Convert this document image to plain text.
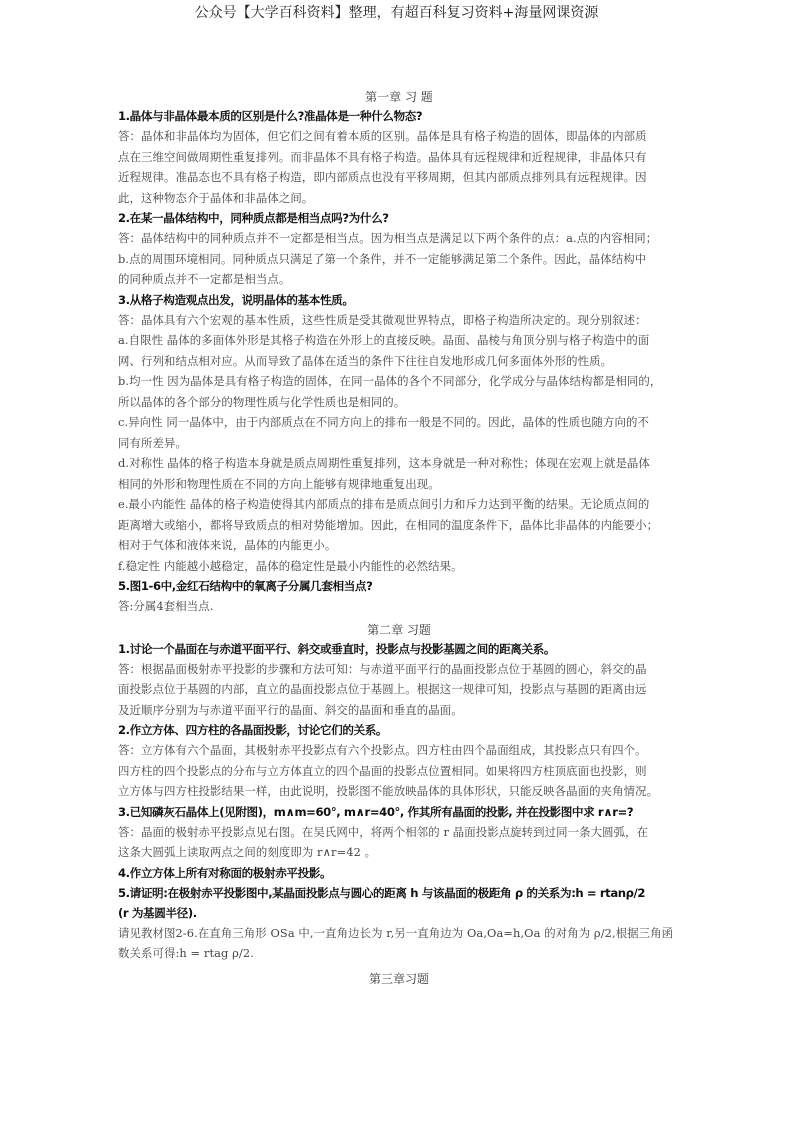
公众号【大学百科资料】整理，有超百科复习资料+海量网课资源

第一章 习 题

1.晶体与非晶体最本质的区别是什么?准晶体是一种什么物态?

答：晶体和非晶体均为固体，但它们之间有着本质的区别。晶体是具有格子构造的固体，即晶体的内部质
点在三维空间做周期性重复排列。而非晶体不具有格子构造。晶体具有远程规律和近程规律，非晶体只有
近程规律。准晶态也不具有格子构造，即内部质点也没有平移周期，但其内部质点排列具有远程规律。因
此，这种物态介于晶体和非晶体之间。

2.在某一晶体结构中，同种质点都是相当点吗?为什么?

答：晶体结构中的同种质点并不一定都是相当点。因为相当点是满足以下两个条件的点：a.点的内容相同；
b.点的周围环境相同。同种质点只满足了第一个条件，并不一定能够满足第二个条件。因此，晶体结构中
的同种质点并不一定都是相当点。

3.从格子构造观点出发，说明晶体的基本性质。

答：晶体具有六个宏观的基本性质，这些性质是受其微观世界特点，即格子构造所决定的。现分别叙述：
a.自限性 晶体的多面体外形是其格子构造在外形上的直接反映。晶面、晶棱与角顶分别与格子构造中的面
网、行列和结点相对应。从而导致了晶体在适当的条件下往往自发地形成几何多面体外形的性质。
b.均一性 因为晶体是具有格子构造的固体，在同一晶体的各个不同部分，化学成分与晶体结构都是相同的，
所以晶体的各个部分的物理性质与化学性质也是相同的。
c.异向性 同一晶体中，由于内部质点在不同方向上的排布一般是不同的。因此，晶体的性质也随方向的不
同有所差异。
d.对称性 晶体的格子构造本身就是质点周期性重复排列，这本身就是一种对称性；体现在宏观上就是晶体
相同的外形和物理性质在不同的方向上能够有规律地重复出现。
e.最小内能性 晶体的格子构造使得其内部质点的排布是质点间引力和斥力达到平衡的结果。无论质点间的
距离增大或缩小，都将导致质点的相对势能增加。因此，在相同的温度条件下，晶体比非晶体的内能要小；
相对于气体和液体来说，晶体的内能更小。
f.稳定性 内能越小越稳定，晶体的稳定性是最小内能性的必然结果。

5.图1-6中,金红石结构中的氧离子分属几套相当点?

答:分属4套相当点.

第二章 习题

1.讨论一个晶面在与赤道平面平行、斜交或垂直时，投影点与投影基圆之间的距离关系。

答：根据晶面极射赤平投影的步骤和方法可知：与赤道平面平行的晶面投影点位于基圆的圆心，斜交的晶
面投影点位于基圆的内部，直立的晶面投影点位于基圆上。根据这一规律可知，投影点与基圆的距离由远
及近顺序分别为与赤道平面平行的晶面、斜交的晶面和垂直的晶面。

2.作立方体、四方柱的各晶面投影，讨论它们的关系。

答：立方体有六个晶面，其极射赤平投影点有六个投影点。四方柱由四个晶面组成，其投影点只有四个。
四方柱的四个投影点的分布与立方体直立的四个晶面的投影点位置相同。如果将四方柱顶底面也投影，则
立方体与四方柱投影结果一样，由此说明，投影图不能放映晶体的具体形状，只能反映各晶面的夹角情况。

3.已知磷灰石晶体上(见附图)，m∧m=60°, m∧r=40°, 作其所有晶面的投影, 并在投影图中求 r∧r=?

答：晶面的极射赤平投影点见右图。在吴氏网中，将两个相邻的 r 晶面投影点旋转到过同一条大圆弧，在
这条大圆弧上读取两点之间的刻度即为 r∧r=42 。

4.作立方体上所有对称面的极射赤平投影。

5.请证明:在极射赤平投影图中,某晶面投影点与圆心的距离 h 与该晶面的极距角 ρ 的关系为:h = rtanρ/2

(r 为基圆半径).

请见教材图2-6.在直角三角形 OSa 中,一直角边长为 r,另一直角边为 Oa,Oa=h,Oa 的对角为 ρ/2,根据三角函
数关系可得:h = rtag ρ/2.

第三章习题
